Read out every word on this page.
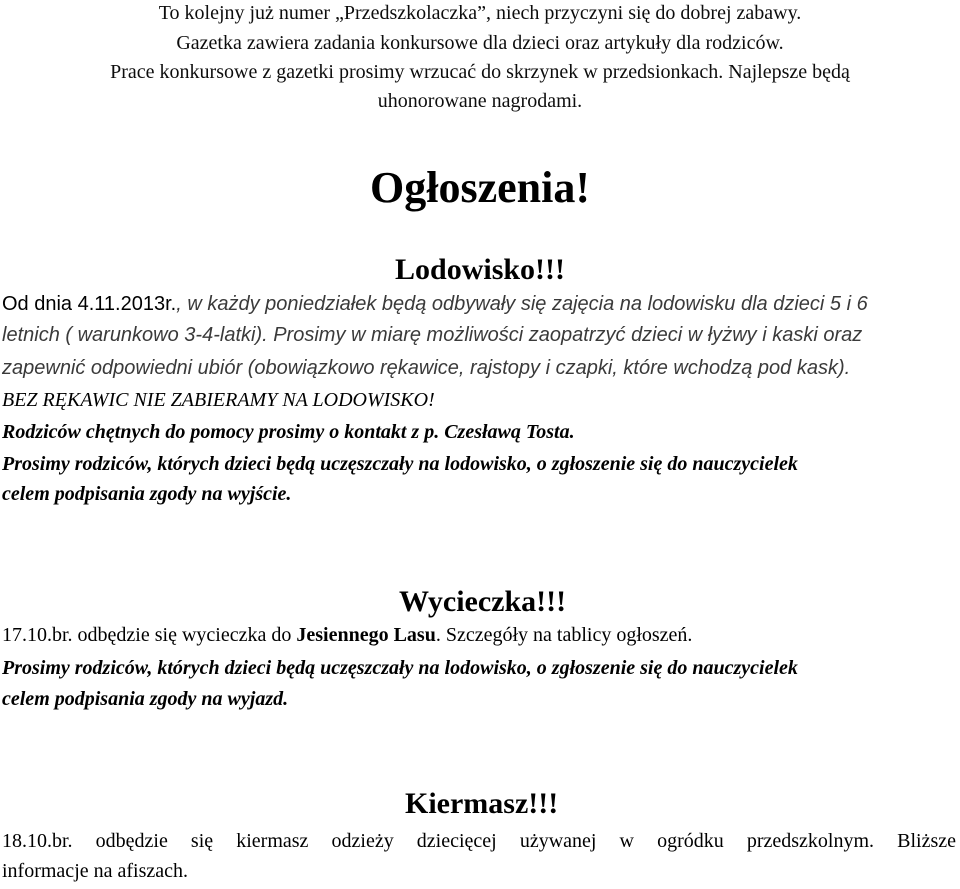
To kolejny już numer „Przedszkolaczka”, niech przyczyni się do dobrej zabawy.
Gazetka zawiera zadania konkursowe dla dzieci oraz artykuły dla rodziców.
Prace konkursowe z gazetki prosimy wrzucać do skrzynek w przedsionkach. Najlepsze będą
uhonorowane nagrodami.
Ogłoszenia!
Lodowisko!!!
Od dnia 4.11.2013r., w każdy poniedziałek będą odbywały się zajęcia na lodowisku dla dzieci 5 i 6
letnich ( warunkowo 3-4-latki). Prosimy w miarę możliwości zaopatrzyć dzieci w łyżwy i kaski oraz
zapewnić odpowiedni ubiór (obowiązkowo rękawice, rajstopy i czapki, które wchodzą pod kask).
BEZ RĘKAWIC NIE ZABIERAMY NA LODOWISKO!
Rodziców chętnych do pomocy prosimy o kontakt z p. Czesławą Tosta.
Prosimy rodziców, których dzieci będą uczęszczały na lodowisko, o zgłoszenie się do nauczycielek
celem podpisania zgody na wyjście.
Wycieczka!!!
17.10.br. odbędzie się wycieczka do Jesiennego Lasu. Szczegóły na tablicy ogłoszeń.
Prosimy rodziców, których dzieci będą uczęszczały na lodowisko, o zgłoszenie się do nauczycielek
celem podpisania zgody na wyjazd.
Kiermasz!!!
18.10.br. odbędzie się kiermasz odzieży dziecięcej używanej w ogródku przedszkolnym. Bliższe
informacje na afiszach.
